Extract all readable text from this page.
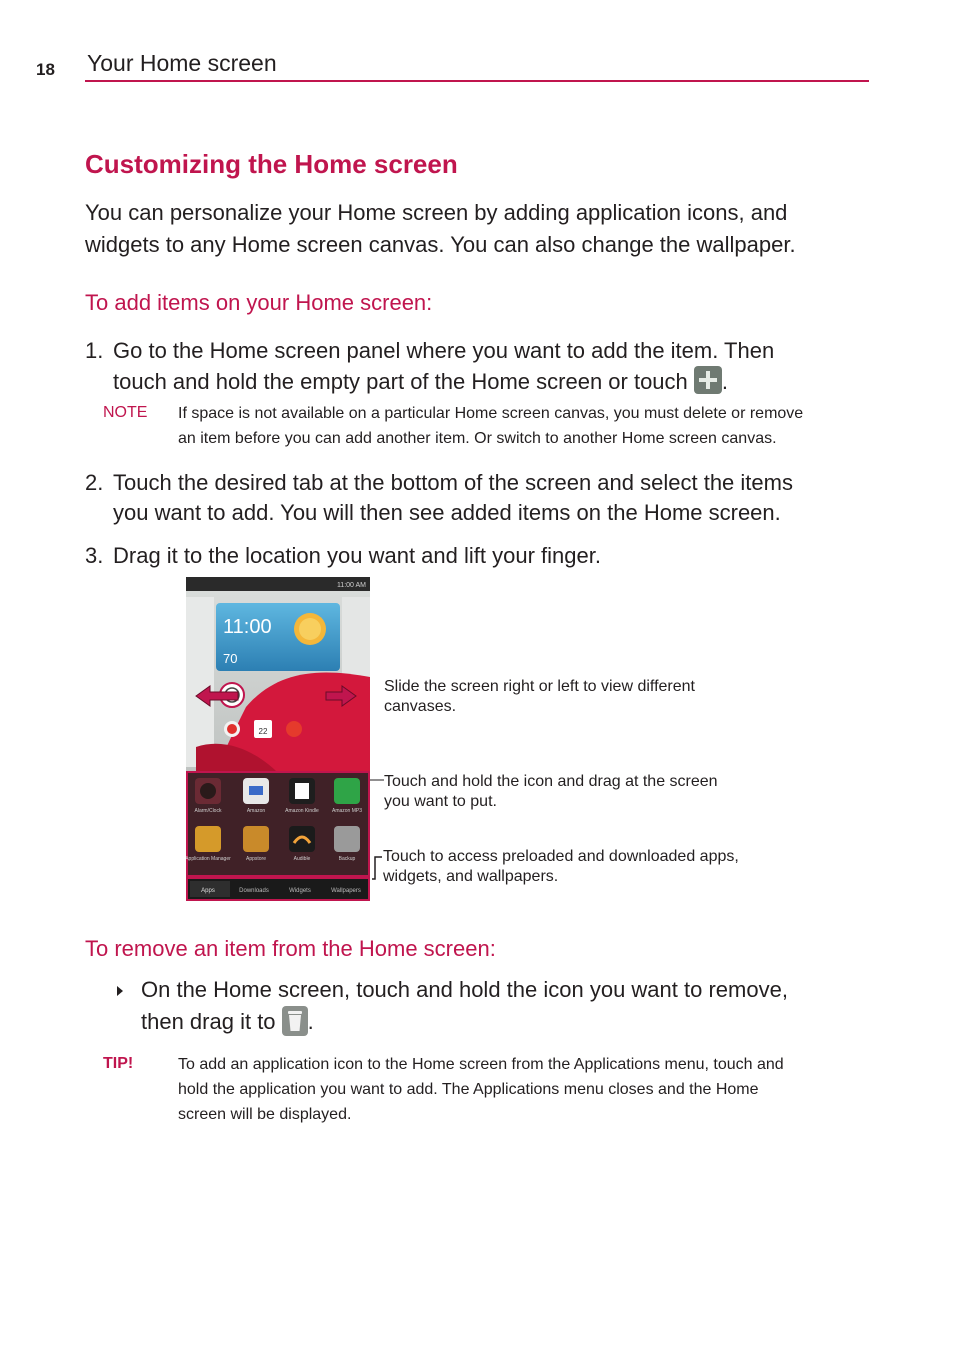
18 Your Home screen
Customizing the Home screen
You can personalize your Home screen by adding application icons, and
widgets to any Home screen canvas. You can also change the wallpaper.
To add items on your Home screen:
1. Go to the Home screen panel where you want to add the item. Then
touch and hold the empty part of the Home screen or touch .
NOTE If space is not available on a particular Home screen canvas, you must delete or remove
an item before you can add another item. Or switch to another Home screen canvas.
2. Touch the desired tab at the bottom of the screen and select the items
you want to add. You will then see added items on the Home screen.
3. Drag it to the location you want and lift your finger.
11:00 AM
11:00
70
22
Alarm/Clock	Amazon	Amazon Kindle	Amazon MP3
Application Manager	Appstore	Audible	Backup
Apps	Downloads	Widgets	Wallpapers
Slide the screen right or left to view different
canvases.
Touch and hold the icon and drag at the screen
you want to put.
Touch to access preloaded and downloaded apps,
widgets, and wallpapers.
To remove an item from the Home screen:
On the Home screen, touch and hold the icon you want to remove,
then drag it to .
TIP!	To add an application icon to the Home screen from the Applications menu, touch and
hold the application you want to add. The Applications menu closes and the Home
screen will be displayed.
